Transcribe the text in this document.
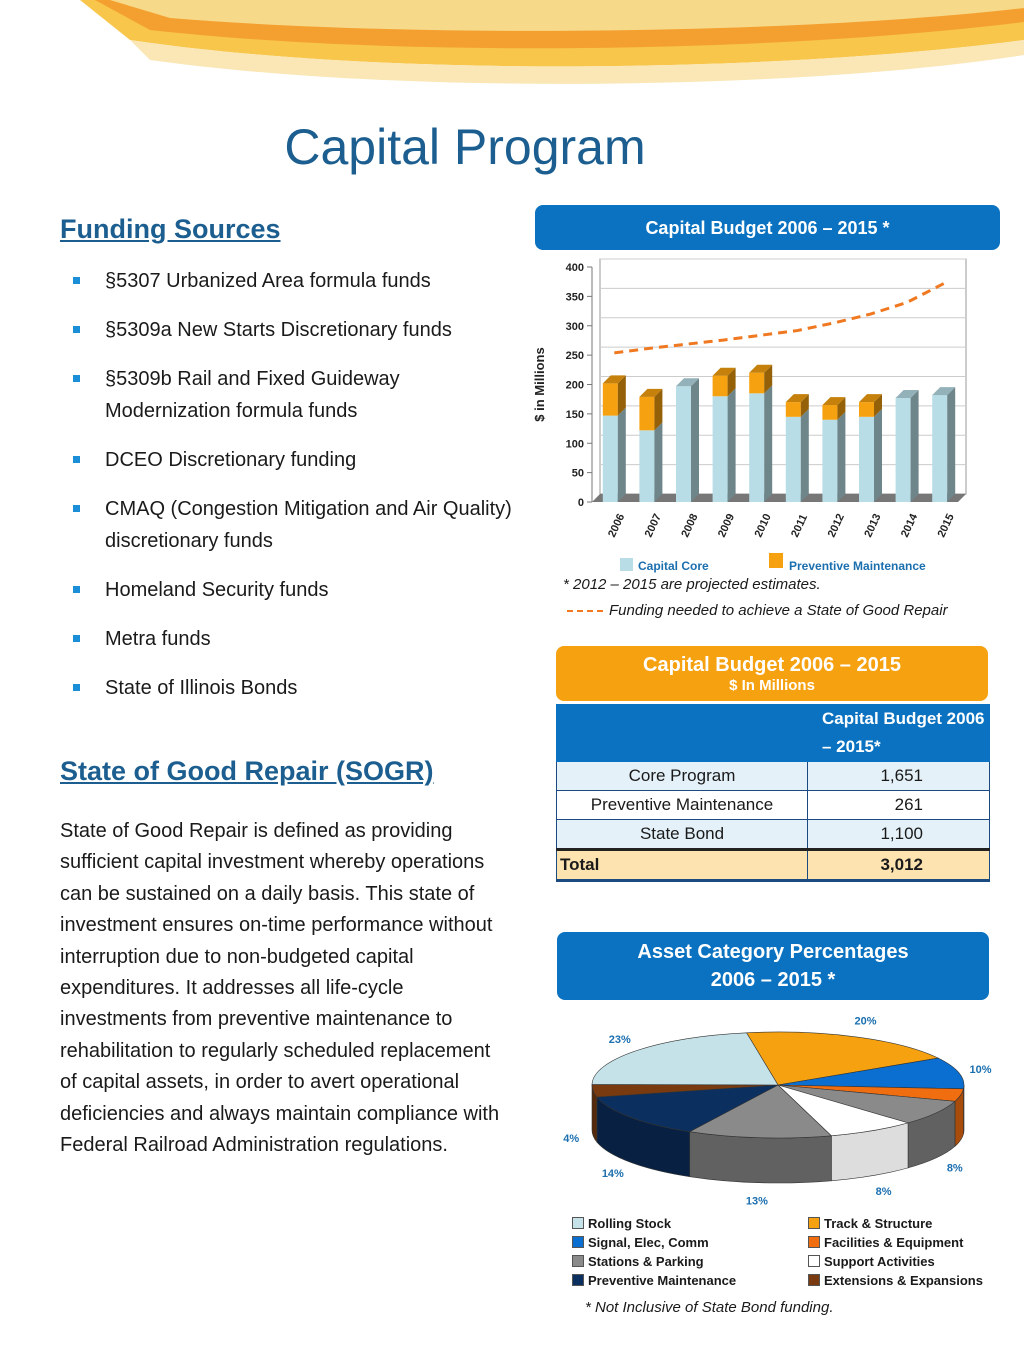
Capital Program
Funding Sources
§5307 Urbanized Area formula funds
§5309a New Starts Discretionary funds
§5309b Rail and Fixed Guideway Modernization formula funds
DCEO Discretionary funding
CMAQ (Congestion Mitigation and Air Quality) discretionary funds
Homeland Security funds
Metra funds
State of Illinois Bonds
State of Good Repair (SOGR)
State of Good Repair is defined as providing sufficient capital investment whereby operations can be sustained on a daily basis. This state of investment ensures on-time performance without interruption due to non-budgeted capital expenditures. It addresses all life-cycle investments from preventive maintenance to rehabilitation to regularly scheduled replacement of capital assets, in order to avert operational deficiencies and always maintain compliance with Federal Railroad Administration regulations.
Capital Budget 2006 – 2015 *
0
50
100
150
200
250
300
350
400
$ in Millions
2006 2007 2008 2009 2010 2011 2012 2013 2014 2015
Capital Core	Preventive Maintenance
* 2012 – 2015 are projected estimates.
Funding needed to achieve a State of Good Repair
Capital Budget 2006 – 2015
$ In Millions
	Capital Budget 2006 – 2015*
Core Program	1,651
Preventive Maintenance	261
State Bond	1,100
Total	3,012
Asset Category Percentages
2006 – 2015 *
20%
10%
8%
8%
13%
14%
4%
23%
Rolling Stock	Track & Structure
Signal, Elec, Comm	Facilities & Equipment
Stations & Parking	Support Activities
Preventive Maintenance	Extensions & Expansions
* Not Inclusive of State Bond funding.
